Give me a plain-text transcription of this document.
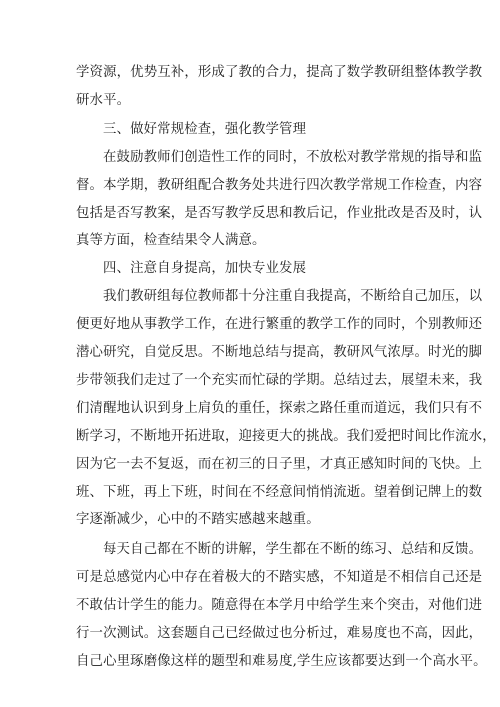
学资源，优势互补，形成了教的合力，提高了数学教研组整体教学教
研水平。
三、做好常规检查，强化教学管理
在鼓励教师们创造性工作的同时，不放松对教学常规的指导和监
督。本学期，教研组配合教务处共进行四次教学常规工作检查，内容
包括是否写教案，是否写教学反思和教后记，作业批改是否及时，认
真等方面，检查结果令人满意。
四、注意自身提高，加快专业发展
我们教研组每位教师都十分注重自我提高，不断给自己加压，以
便更好地从事教学工作，在进行繁重的教学工作的同时，个别教师还
潜心研究，自觉反思。不断地总结与提高，教研风气浓厚。时光的脚
步带领我们走过了一个充实而忙碌的学期。总结过去，展望未来，我
们清醒地认识到身上肩负的重任，探索之路任重而道远，我们只有不
断学习，不断地开拓进取，迎接更大的挑战。我们爱把时间比作流水，
因为它一去不复返，而在初三的日子里，才真正感知时间的飞快。上
班、下班，再上下班，时间在不经意间悄悄流逝。望着倒记牌上的数
字逐渐减少，心中的不踏实感越来越重。
每天自己都在不断的讲解，学生都在不断的练习、总结和反馈。
可是总感觉内心中存在着极大的不踏实感，不知道是不相信自己还是
不敢估计学生的能力。随意得在本学月中给学生来个突击，对他们进
行一次测试。这套题自己已经做过也分析过，难易度也不高，因此，
自己心里琢磨像这样的题型和难易度,学生应该都要达到一个高水平。
